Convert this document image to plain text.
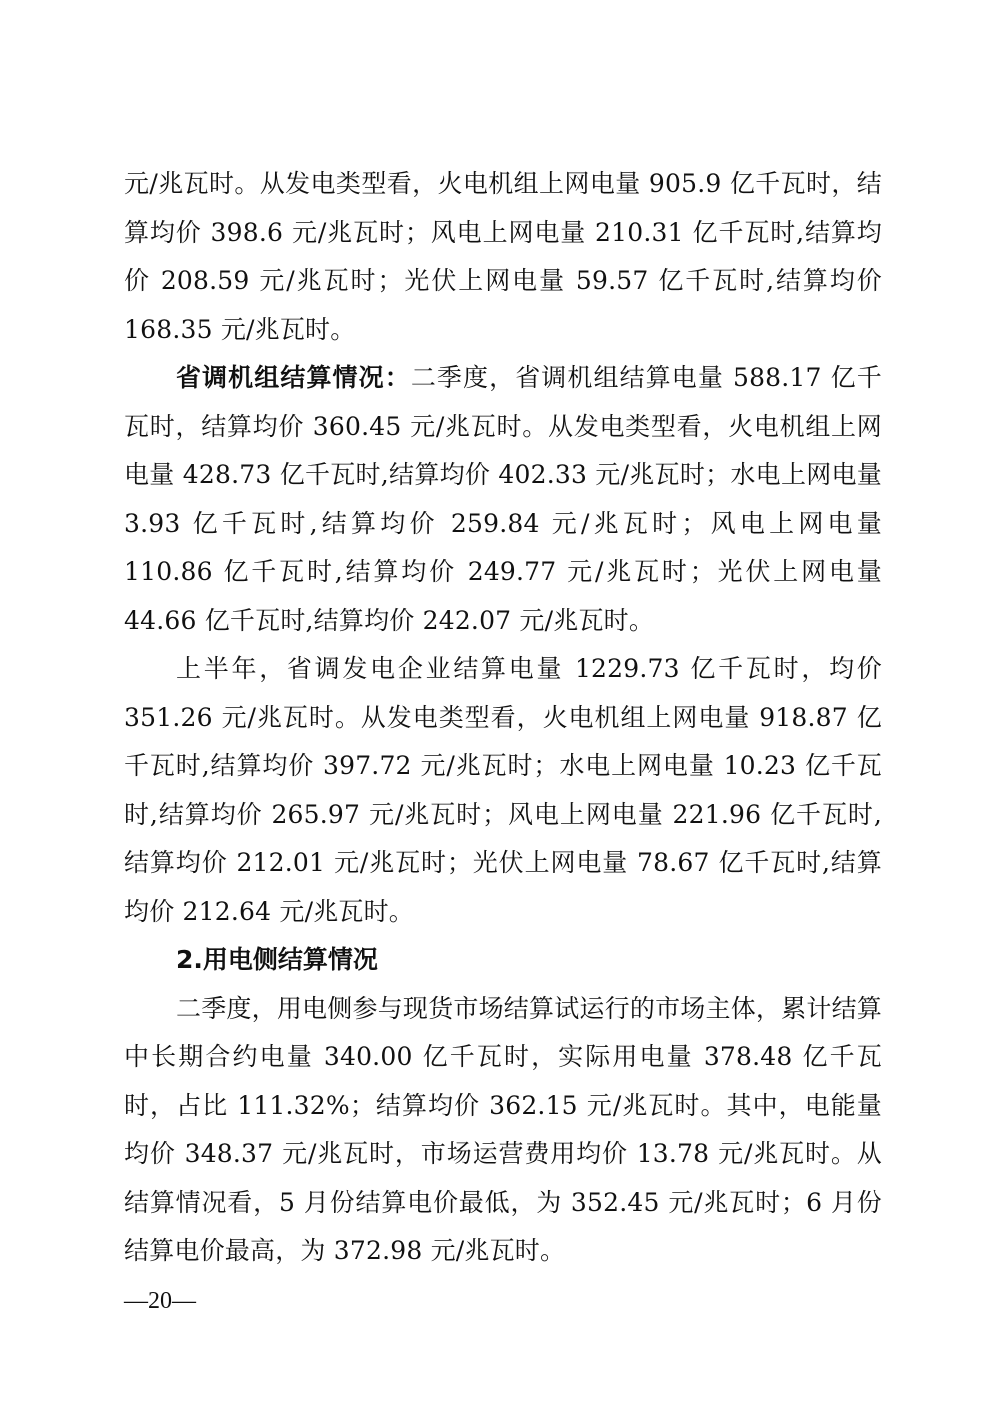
元/兆瓦时。从发电类型看，火电机组上网电量 905.9 亿千瓦时，结算均价 398.6 元/兆瓦时；风电上网电量 210.31 亿千瓦时,结算均价 208.59 元/兆瓦时；光伏上网电量 59.57 亿千瓦时,结算均价 168.35 元/兆瓦时。

省调机组结算情况：二季度，省调机组结算电量 588.17 亿千瓦时，结算均价 360.45 元/兆瓦时。从发电类型看，火电机组上网电量 428.73 亿千瓦时,结算均价 402.33 元/兆瓦时；水电上网电量 3.93 亿千瓦时,结算均价 259.84 元/兆瓦时；风电上网电量 110.86 亿千瓦时,结算均价 249.77 元/兆瓦时；光伏上网电量 44.66 亿千瓦时,结算均价 242.07 元/兆瓦时。

上半年，省调发电企业结算电量 1229.73 亿千瓦时，均价 351.26 元/兆瓦时。从发电类型看，火电机组上网电量 918.87 亿千瓦时,结算均价 397.72 元/兆瓦时；水电上网电量 10.23 亿千瓦时,结算均价 265.97 元/兆瓦时；风电上网电量 221.96 亿千瓦时,结算均价 212.01 元/兆瓦时；光伏上网电量 78.67 亿千瓦时,结算均价 212.64 元/兆瓦时。

2.用电侧结算情况

二季度，用电侧参与现货市场结算试运行的市场主体，累计结算中长期合约电量 340.00 亿千瓦时，实际用电量 378.48 亿千瓦时，占比 111.32%；结算均价 362.15 元/兆瓦时。其中，电能量均价 348.37 元/兆瓦时，市场运营费用均价 13.78 元/兆瓦时。从结算情况看，5 月份结算电价最低，为 352.45 元/兆瓦时；6 月份结算电价最高，为 372.98 元/兆瓦时。

—20—
